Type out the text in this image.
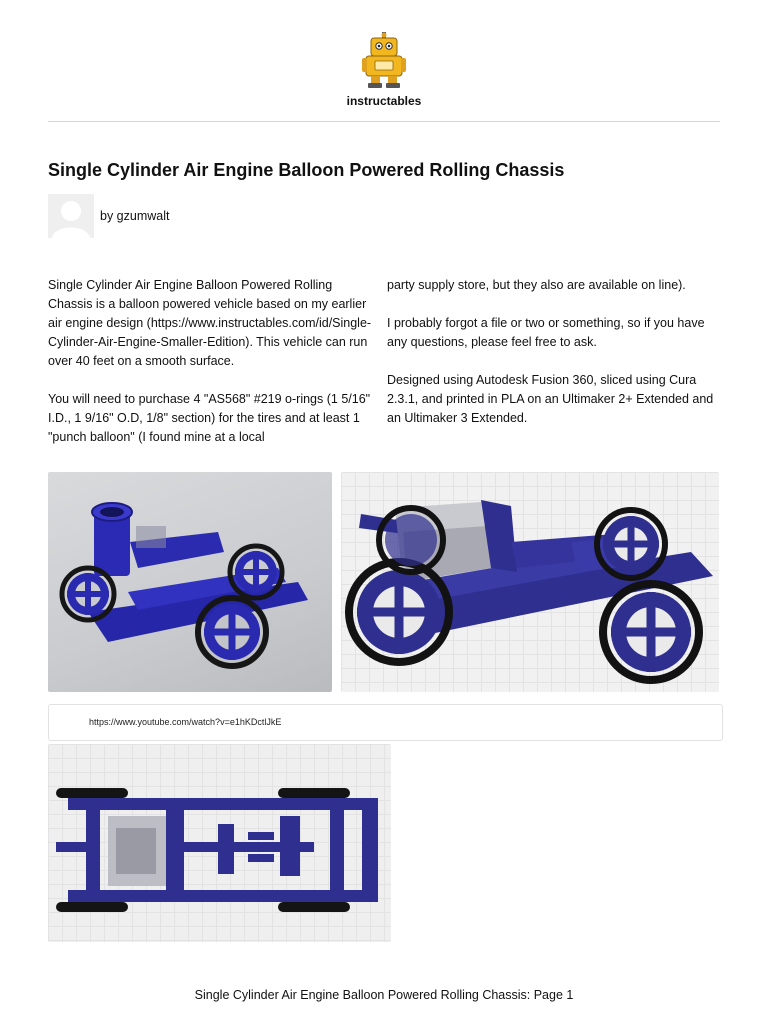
instructables
Single Cylinder Air Engine Balloon Powered Rolling Chassis
by gzumwalt

Single Cylinder Air Engine Balloon Powered Rolling Chassis is a balloon powered vehicle based on my earlier air engine design (https://www.instructables.com/id/Single-Cylinder-Air-Engine-Smaller-Edition). This vehicle can run over 40 feet on a smooth surface.

You will need to purchase 4 "AS568" #219 o-rings (1 5/16" I.D., 1 9/16" O.D, 1/8" section) for the tires and at least 1 "punch balloon" (I found mine at a local

party supply store, but they also are available on line).

I probably forgot a file or two or something, so if you have any questions, please feel free to ask.

Designed using Autodesk Fusion 360, sliced using Cura 2.3.1, and printed in PLA on an Ultimaker 2+ Extended and an Ultimaker 3 Extended.

https://www.youtube.com/watch?v=e1hKDctlJkE
Single Cylinder Air Engine Balloon Powered Rolling Chassis: Page 1
